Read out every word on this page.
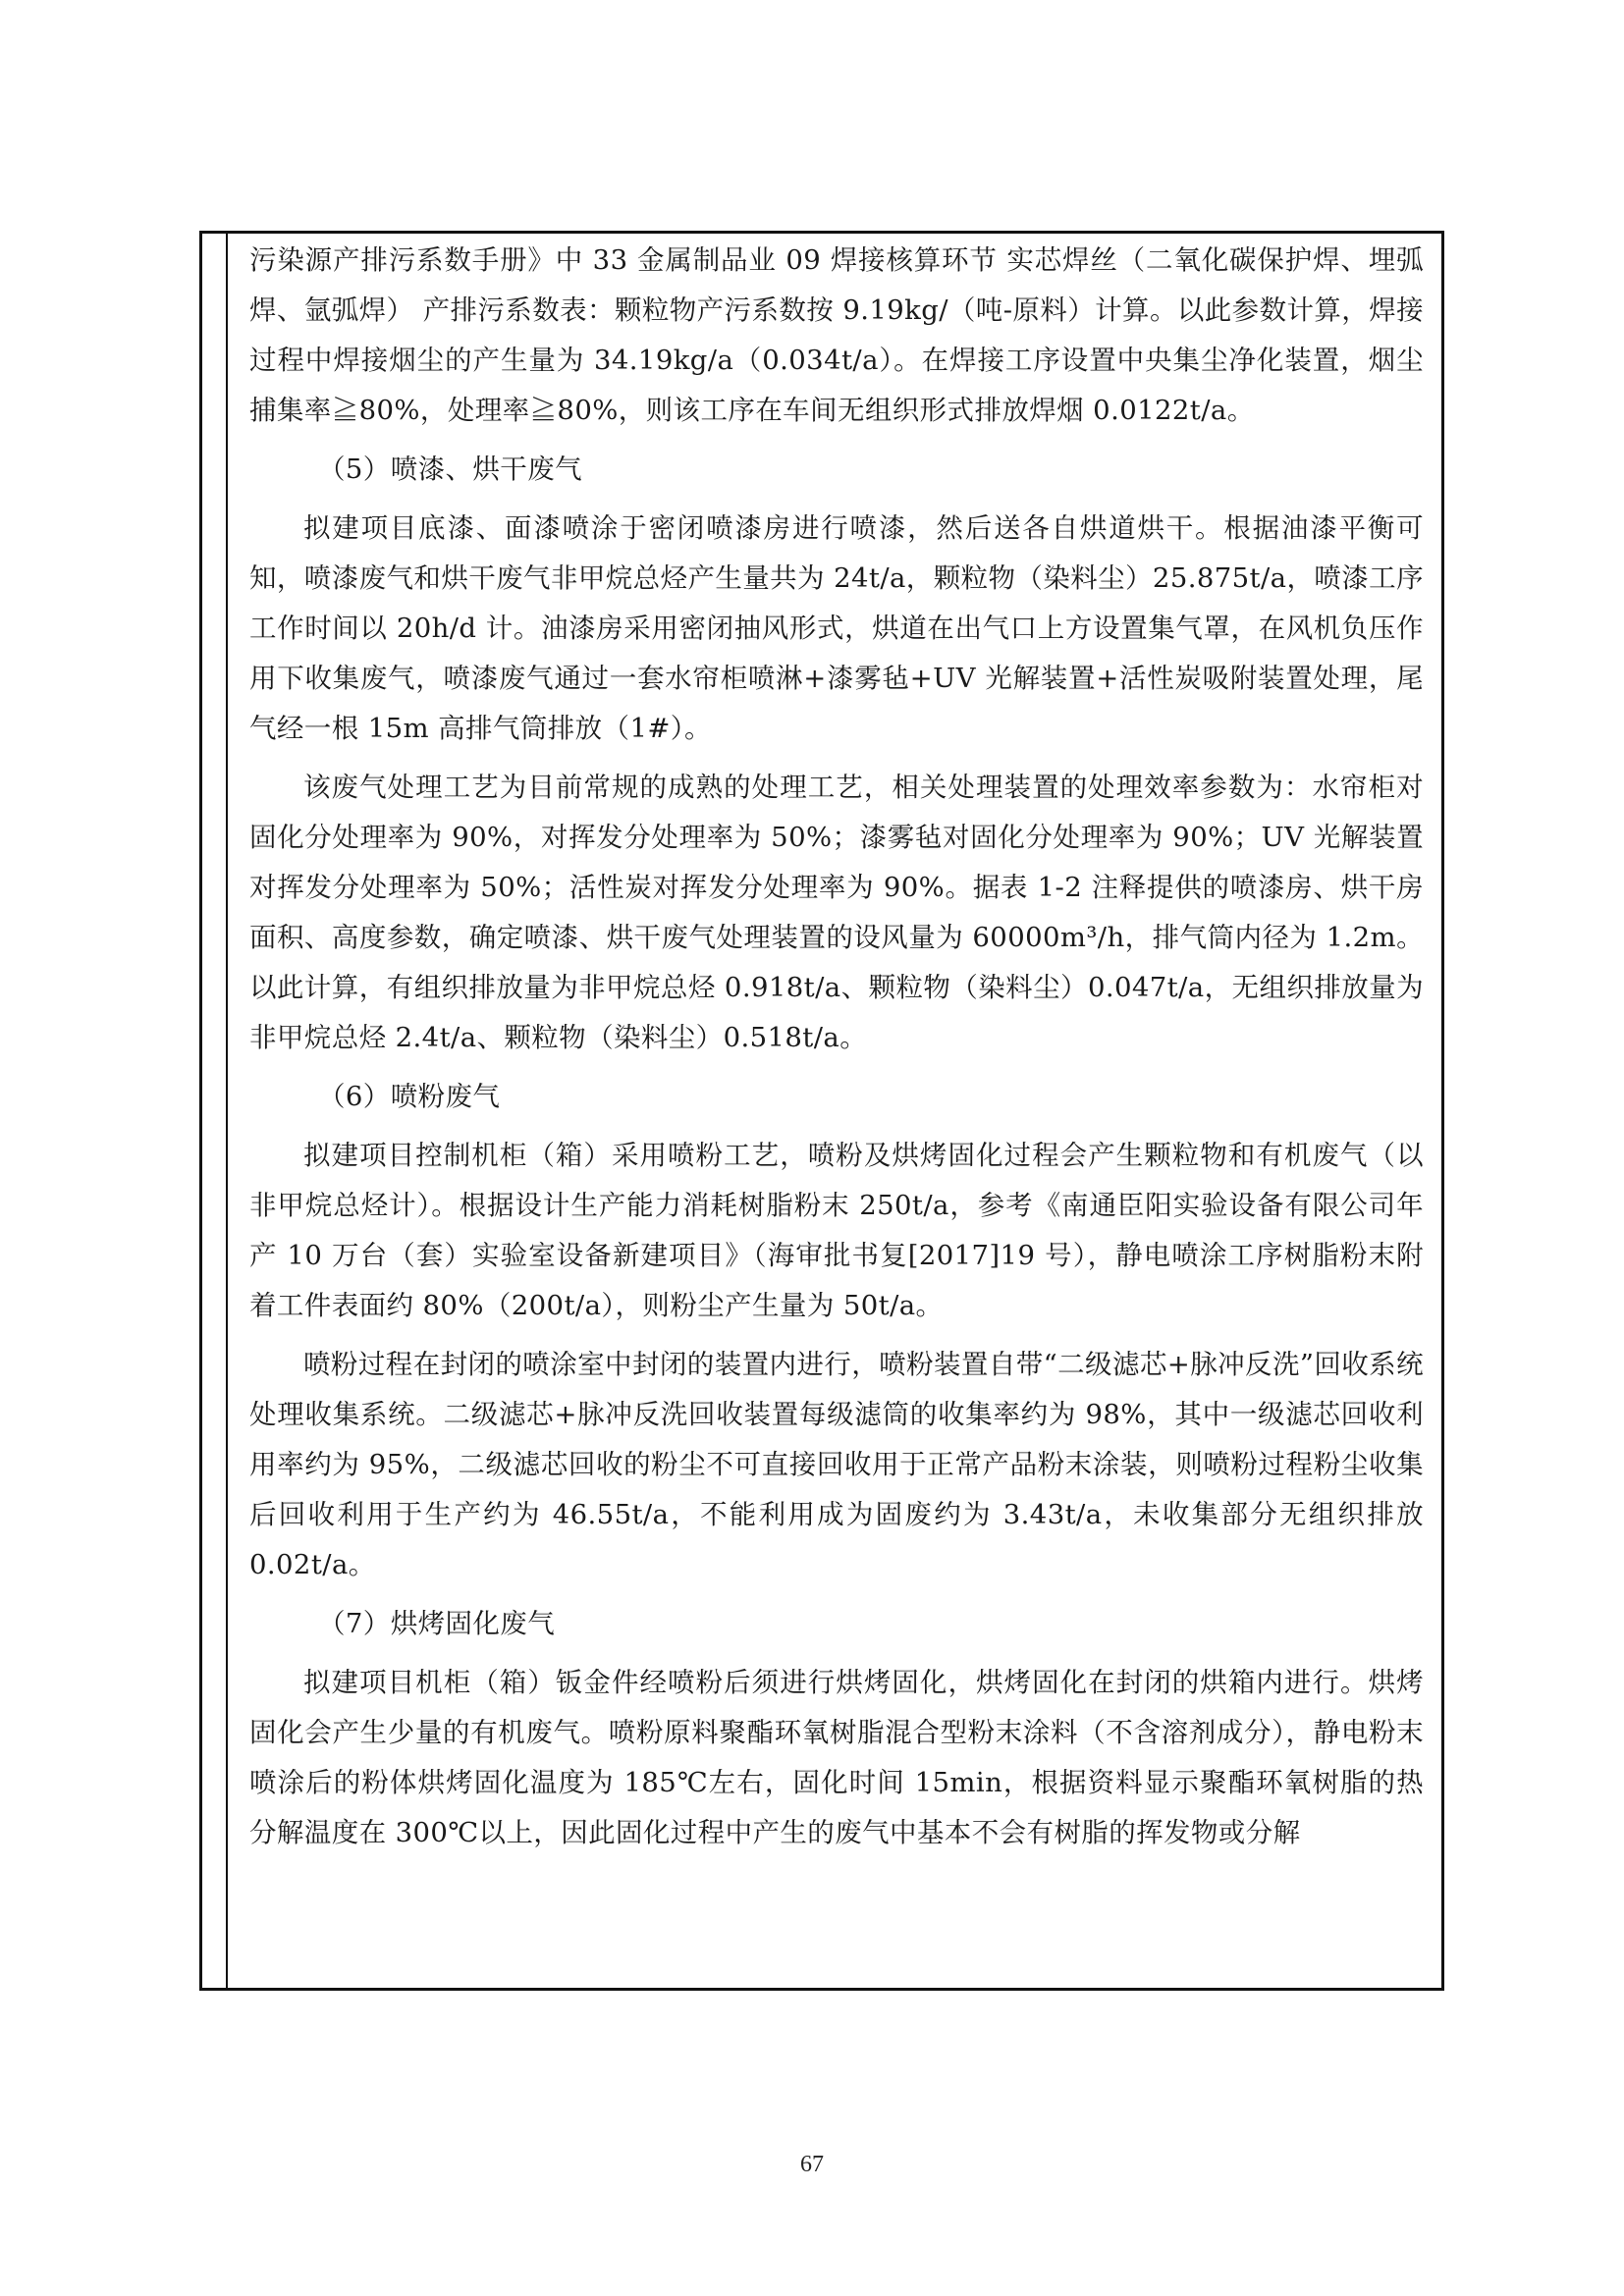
污染源产排污系数手册》中 33 金属制品业 09 焊接核算环节 实芯焊丝（二氧化碳保护焊、埋弧焊、氩弧焊） 产排污系数表：颗粒物产污系数按 9.19kg/（吨-原料）计算。以此参数计算，焊接过程中焊接烟尘的产生量为 34.19kg/a（0.034t/a）。在焊接工序设置中央集尘净化装置，烟尘捕集率≧80%，处理率≧80%，则该工序在车间无组织形式排放焊烟 0.0122t/a。

（5）喷漆、烘干废气

拟建项目底漆、面漆喷涂于密闭喷漆房进行喷漆，然后送各自烘道烘干。根据油漆平衡可知，喷漆废气和烘干废气非甲烷总烃产生量共为 24t/a，颗粒物（染料尘）25.875t/a，喷漆工序工作时间以 20h/d 计。油漆房采用密闭抽风形式，烘道在出气口上方设置集气罩，在风机负压作用下收集废气，喷漆废气通过一套水帘柜喷淋+漆雾毡+UV 光解装置+活性炭吸附装置处理，尾气经一根 15m 高排气筒排放（1#）。

该废气处理工艺为目前常规的成熟的处理工艺，相关处理装置的处理效率参数为：水帘柜对固化分处理率为 90%，对挥发分处理率为 50%；漆雾毡对固化分处理率为 90%；UV 光解装置对挥发分处理率为 50%；活性炭对挥发分处理率为 90%。据表 1-2 注释提供的喷漆房、烘干房面积、高度参数，确定喷漆、烘干废气处理装置的设风量为 60000m³/h，排气筒内径为 1.2m。以此计算，有组织排放量为非甲烷总烃 0.918t/a、颗粒物（染料尘）0.047t/a，无组织排放量为非甲烷总烃 2.4t/a、颗粒物（染料尘）0.518t/a。

（6）喷粉废气

拟建项目控制机柜（箱）采用喷粉工艺，喷粉及烘烤固化过程会产生颗粒物和有机废气（以非甲烷总烃计）。根据设计生产能力消耗树脂粉末 250t/a，参考《南通臣阳实验设备有限公司年产 10 万台（套）实验室设备新建项目》（海审批书复[2017]19 号），静电喷涂工序树脂粉末附着工件表面约 80%（200t/a），则粉尘产生量为 50t/a。

喷粉过程在封闭的喷涂室中封闭的装置内进行，喷粉装置自带“二级滤芯+脉冲反洗”回收系统处理收集系统。二级滤芯+脉冲反洗回收装置每级滤筒的收集率约为 98%，其中一级滤芯回收利用率约为 95%，二级滤芯回收的粉尘不可直接回收用于正常产品粉末涂装，则喷粉过程粉尘收集后回收利用于生产约为 46.55t/a，不能利用成为固废约为 3.43t/a，未收集部分无组织排放 0.02t/a。

（7）烘烤固化废气

拟建项目机柜（箱）钣金件经喷粉后须进行烘烤固化，烘烤固化在封闭的烘箱内进行。烘烤固化会产生少量的有机废气。喷粉原料聚酯环氧树脂混合型粉末涂料（不含溶剂成分），静电粉末喷涂后的粉体烘烤固化温度为 185℃左右，固化时间 15min，根据资料显示聚酯环氧树脂的热分解温度在 300℃以上，因此固化过程中产生的废气中基本不会有树脂的挥发物或分解

67
